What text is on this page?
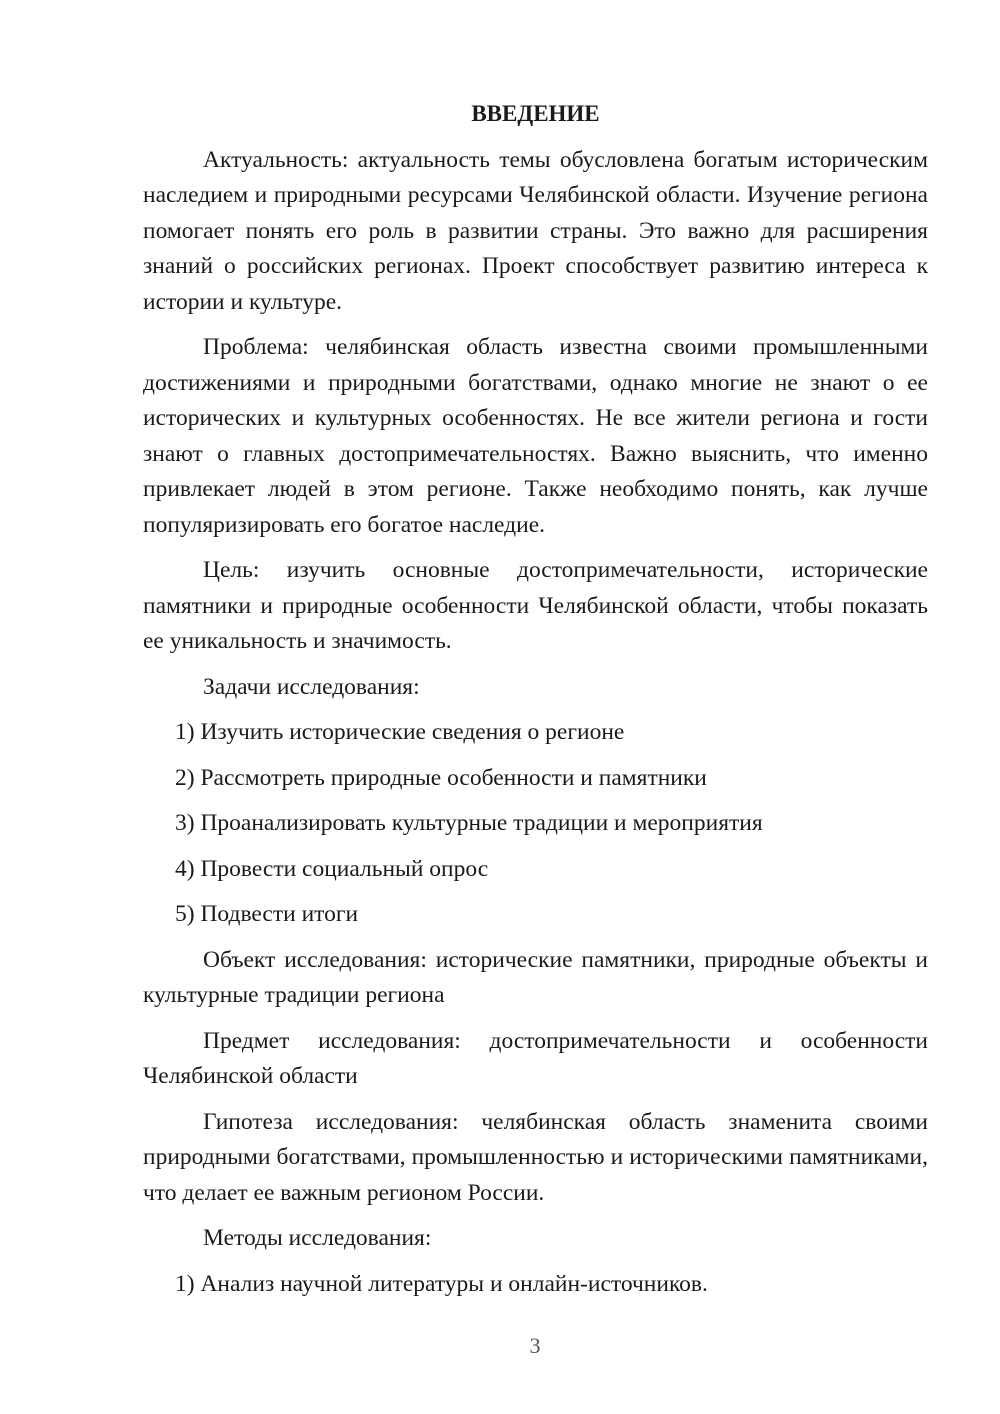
ВВЕДЕНИЕ

Актуальность: актуальность темы обусловлена богатым историческим наследием и природными ресурсами Челябинской области. Изучение региона помогает понять его роль в развитии страны. Это важно для расширения знаний о российских регионах. Проект способствует развитию интереса к истории и культуре.

Проблема: челябинская область известна своими промышленными достижениями и природными богатствами, однако многие не знают о ее исторических и культурных особенностях. Не все жители региона и гости знают о главных достопримечательностях. Важно выяснить, что именно привлекает людей в этом регионе. Также необходимо понять, как лучше популяризировать его богатое наследие.

Цель: изучить основные достопримечательности, исторические памятники и природные особенности Челябинской области, чтобы показать ее уникальность и значимость.

Задачи исследования:
1) Изучить исторические сведения о регионе
2) Рассмотреть природные особенности и памятники
3) Проанализировать культурные традиции и мероприятия
4) Провести социальный опрос
5) Подвести итоги

Объект исследования: исторические памятники, природные объекты и культурные традиции региона

Предмет исследования: достопримечательности и особенности Челябинской области

Гипотеза исследования: челябинская область знаменита своими природными богатствами, промышленностью и историческими памятниками, что делает ее важным регионом России.

Методы исследования:
1) Анализ научной литературы и онлайн-источников.
3
